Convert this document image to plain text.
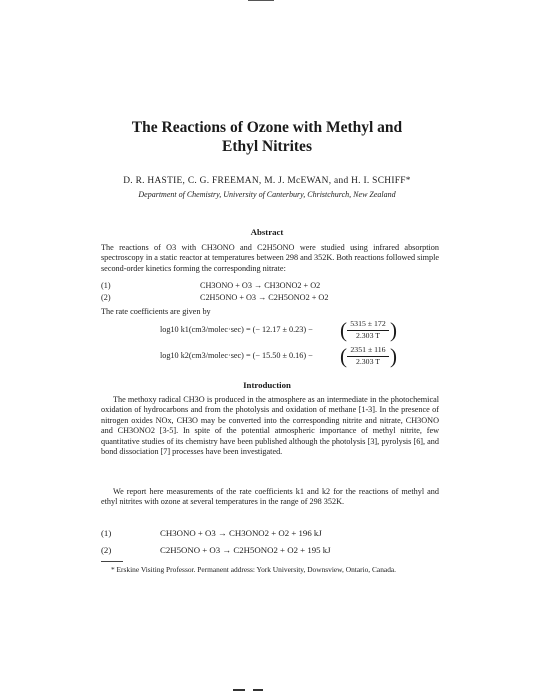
The Reactions of Ozone with Methyl and
Ethyl Nitrites
D. R. HASTIE, C. G. FREEMAN, M. J. McEWAN, and H. I. SCHIFF*
Department of Chemistry, University of Canterbury, Christchurch, New Zealand
Abstract
The reactions of O3 with CH3ONO and C2H5ONO were studied using infrared absorption spectroscopy in a static reactor at temperatures between 298 and 352K. Both reactions followed simple second-order kinetics forming the corresponding nitrate:
(1)	CH3ONO + O3 → CH3ONO2 + O2
(2)	C2H5ONO + O3 → C2H5ONO2 + O2
The rate coefficients are given by
log10 k1(cm3/molec·sec) = (− 12.17 ± 0.23) − ( $\frac{5315 \pm 172}{2.303 T}$ )
log10 k2(cm3/molec·sec) = (− 15.50 ± 0.16) − ( $\frac{2351 \pm 116}{2.303 T}$ )
Introduction
The methoxy radical CH3O is produced in the atmosphere as an intermediate in the photochemical oxidation of hydrocarbons and from the photolysis and oxidation of methane [1-3]. In the presence of nitrogen oxides NOx, CH3O may be converted into the corresponding nitrite and nitrate, CH3ONO and CH3ONO2 [3-5]. In spite of the potential atmospheric importance of methyl nitrite, few quantitative studies of its chemistry have been published although the photolysis [3], pyrolysis [6], and bond dissociation [7] processes have been investigated.
We report here measurements of the rate coefficients k1 and k2 for the reactions of methyl and ethyl nitrites with ozone at several temperatures in the range of 298 352K.
(1)	CH3ONO + O3 → CH3ONO2 + O2 + 196 kJ
(2)	C2H5ONO + O3 → C2H5ONO2 + O2 + 195 kJ
* Erskine Visiting Professor. Permanent address: York University, Downsview, Ontario, Canada.
